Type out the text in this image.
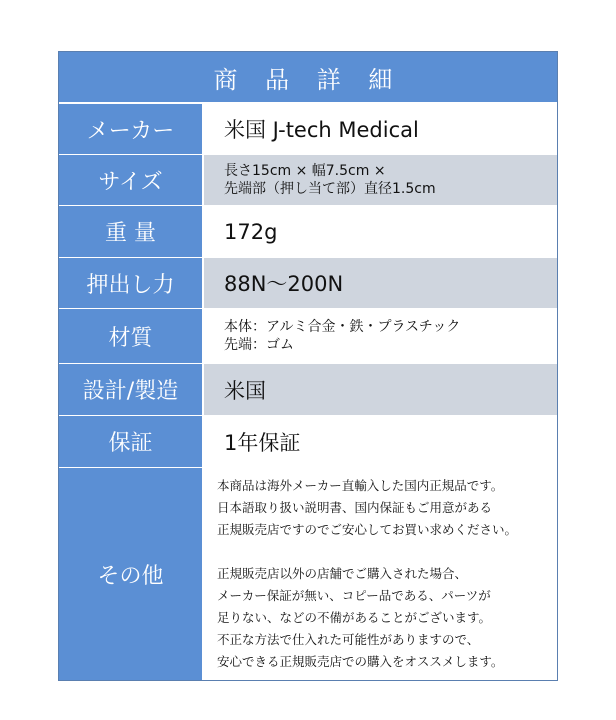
商 品 詳 細
メーカー	米国 J-tech Medical
サイズ	長さ15cm × 幅7.5cm ×
先端部（押し当て部）直径1.5cm
重 量	172g
押出し力	88N〜200N
材質	本体：アルミ合金・鉄・プラスチック
先端：ゴム
設計/製造	米国
保証	1年保証
その他
本商品は海外メーカー直輸入した国内正規品です。
日本語取り扱い説明書、国内保証もご用意がある
正規販売店ですのでご安心してお買い求めください。
正規販売店以外の店舗でご購入された場合、
メーカー保証が無い、コピー品である、パーツが
足りない、などの不備があることがございます。
不正な方法で仕入れた可能性がありますので、
安心できる正規販売店での購入をオススメします。
